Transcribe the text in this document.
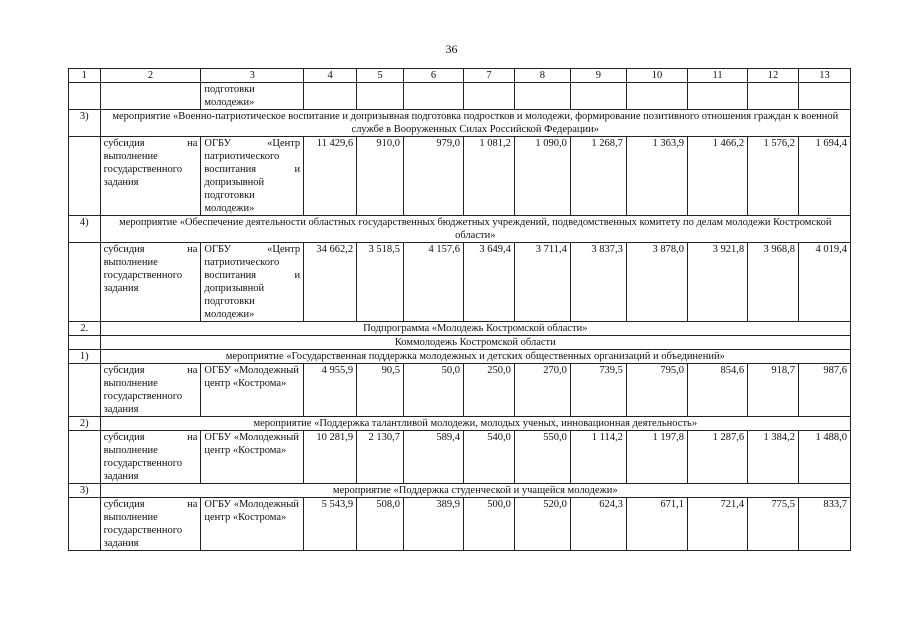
36
1	2	3	4	5	6	7	8	9	10	11	12	13
		подготовки
молодежи»										
3)	мероприятие «Военно-патриотическое воспитание и допризывная подготовка подростков и молодежи, формирование позитивного отношения граждан к военной службе в Вооруженных Силах Российской Федерации»											
	субсидия на выполнение государственного задания	ОГБУ «Центр патриотического воспитания и допризывной подготовки молодежи»	11 429,6	910,0	979,0	1 081,2	1 090,0	1 268,7	1 363,9	1 466,2	1 576,2	1 694,4
4)	мероприятие «Обеспечение деятельности областных государственных бюджетных учреждений, подведомственных комитету по делам молодежи Костромской области»											
	субсидия на выполнение государственного задания	ОГБУ «Центр патриотического воспитания и допризывной подготовки молодежи»	34 662,2	3 518,5	4 157,6	3 649,4	3 711,4	3 837,3	3 878,0	3 921,8	3 968,8	4 019,4
2.	Подпрограмма «Молодежь Костромской области»											
	Коммолодежь Костромской области											
1)	мероприятие «Государственная поддержка молодежных и детских общественных организаций и объединений»											
	субсидия на выполнение государственного задания	ОГБУ «Молодежный центр «Кострома»	4 955,9	90,5	50,0	250,0	270,0	739,5	795,0	854,6	918,7	987,6
2)	мероприятие «Поддержка талантливой молодежи, молодых ученых, инновационная деятельность»											
	субсидия на выполнение государственного задания	ОГБУ «Молодежный центр «Кострома»	10 281,9	2 130,7	589,4	540,0	550,0	1 114,2	1 197,8	1 287,6	1 384,2	1 488,0
3)	мероприятие «Поддержка студенческой и учащейся молодежи»											
	субсидия на выполнение государственного задания	ОГБУ «Молодежный центр «Кострома»	5 543,9	508,0	389,9	500,0	520,0	624,3	671,1	721,4	775,5	833,7
